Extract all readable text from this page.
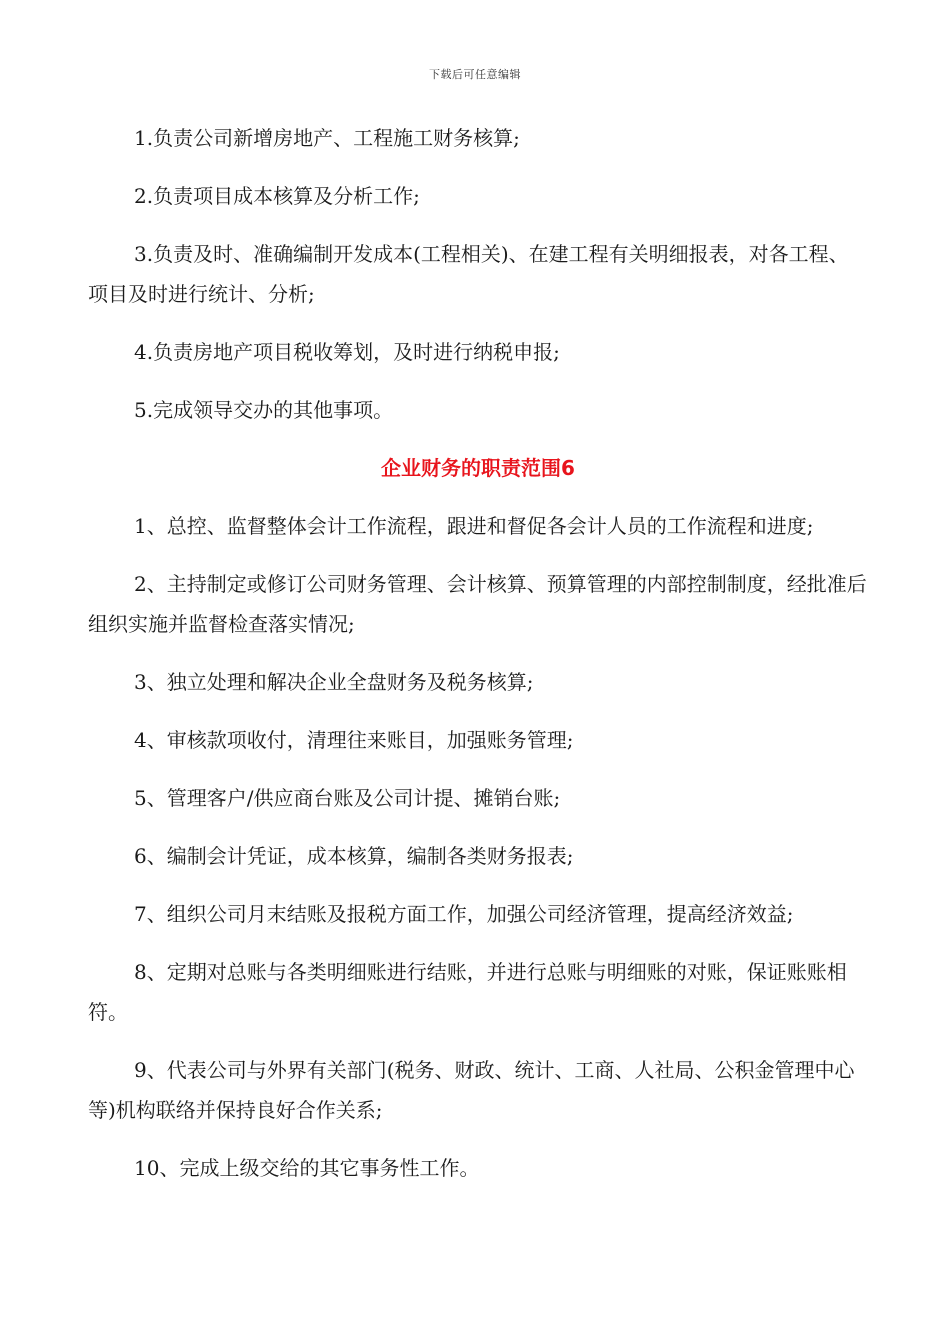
下载后可任意编辑

1.负责公司新增房地产、工程施工财务核算;

2.负责项目成本核算及分析工作;

3.负责及时、准确编制开发成本(工程相关)、在建工程有关明细报表，对各工程、项目及时进行统计、分析;

4.负责房地产项目税收筹划，及时进行纳税申报;

5.完成领导交办的其他事项。

企业财务的职责范围6

1、总控、监督整体会计工作流程，跟进和督促各会计人员的工作流程和进度;

2、主持制定或修订公司财务管理、会计核算、预算管理的内部控制制度，经批准后组织实施并监督检查落实情况;

3、独立处理和解决企业全盘财务及税务核算;

4、审核款项收付，清理往来账目，加强账务管理;

5、管理客户/供应商台账及公司计提、摊销台账;

6、编制会计凭证，成本核算，编制各类财务报表;

7、组织公司月末结账及报税方面工作，加强公司经济管理，提高经济效益;

8、定期对总账与各类明细账进行结账，并进行总账与明细账的对账，保证账账相符。

9、代表公司与外界有关部门(税务、财政、统计、工商、人社局、公积金管理中心等)机构联络并保持良好合作关系;

10、完成上级交给的其它事务性工作。
